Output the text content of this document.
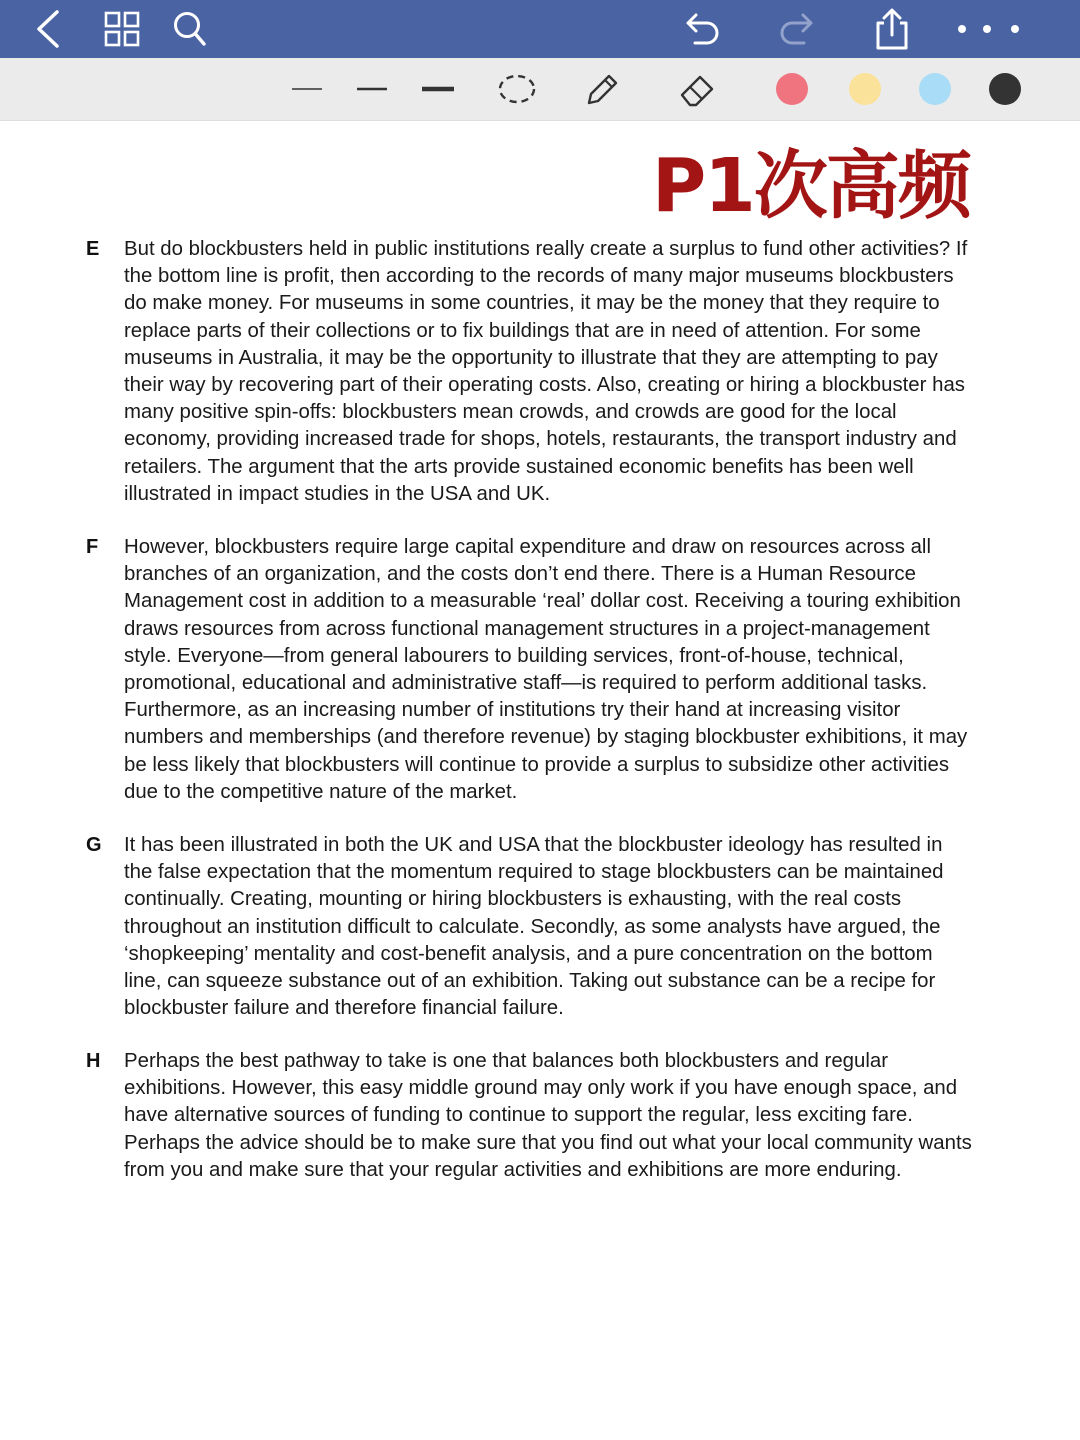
P1次高频
E But do blockbusters held in public institutions really create a surplus to fund other activities? If
the bottom line is profit, then according to the records of many major museums blockbusters
do make money. For museums in some countries, it may be the money that they require to
replace parts of their collections or to fix buildings that are in need of attention. For some
museums in Australia, it may be the opportunity to illustrate that they are attempting to pay
their way by recovering part of their operating costs. Also, creating or hiring a blockbuster has
many positive spin-offs: blockbusters mean crowds, and crowds are good for the local
economy, providing increased trade for shops, hotels, restaurants, the transport industry and
retailers. The argument that the arts provide sustained economic benefits has been well
illustrated in impact studies in the USA and UK.
F However, blockbusters require large capital expenditure and draw on resources across all
branches of an organization, and the costs don’t end there. There is a Human Resource
Management cost in addition to a measurable ‘real’ dollar cost. Receiving a touring exhibition
draws resources from across functional management structures in a project-management
style. Everyone—from general labourers to building services, front-of-house, technical,
promotional, educational and administrative staff—is required to perform additional tasks.
Furthermore, as an increasing number of institutions try their hand at increasing visitor
numbers and memberships (and therefore revenue) by staging blockbuster exhibitions, it may
be less likely that blockbusters will continue to provide a surplus to subsidize other activities
due to the competitive nature of the market.
G It has been illustrated in both the UK and USA that the blockbuster ideology has resulted in
the false expectation that the momentum required to stage blockbusters can be maintained
continually. Creating, mounting or hiring blockbusters is exhausting, with the real costs
throughout an institution difficult to calculate. Secondly, as some analysts have argued, the
‘shopkeeping’ mentality and cost-benefit analysis, and a pure concentration on the bottom
line, can squeeze substance out of an exhibition. Taking out substance can be a recipe for
blockbuster failure and therefore financial failure.
H Perhaps the best pathway to take is one that balances both blockbusters and regular
exhibitions. However, this easy middle ground may only work if you have enough space, and
have alternative sources of funding to continue to support the regular, less exciting fare.
Perhaps the advice should be to make sure that you find out what your local community wants
from you and make sure that your regular activities and exhibitions are more enduring.
